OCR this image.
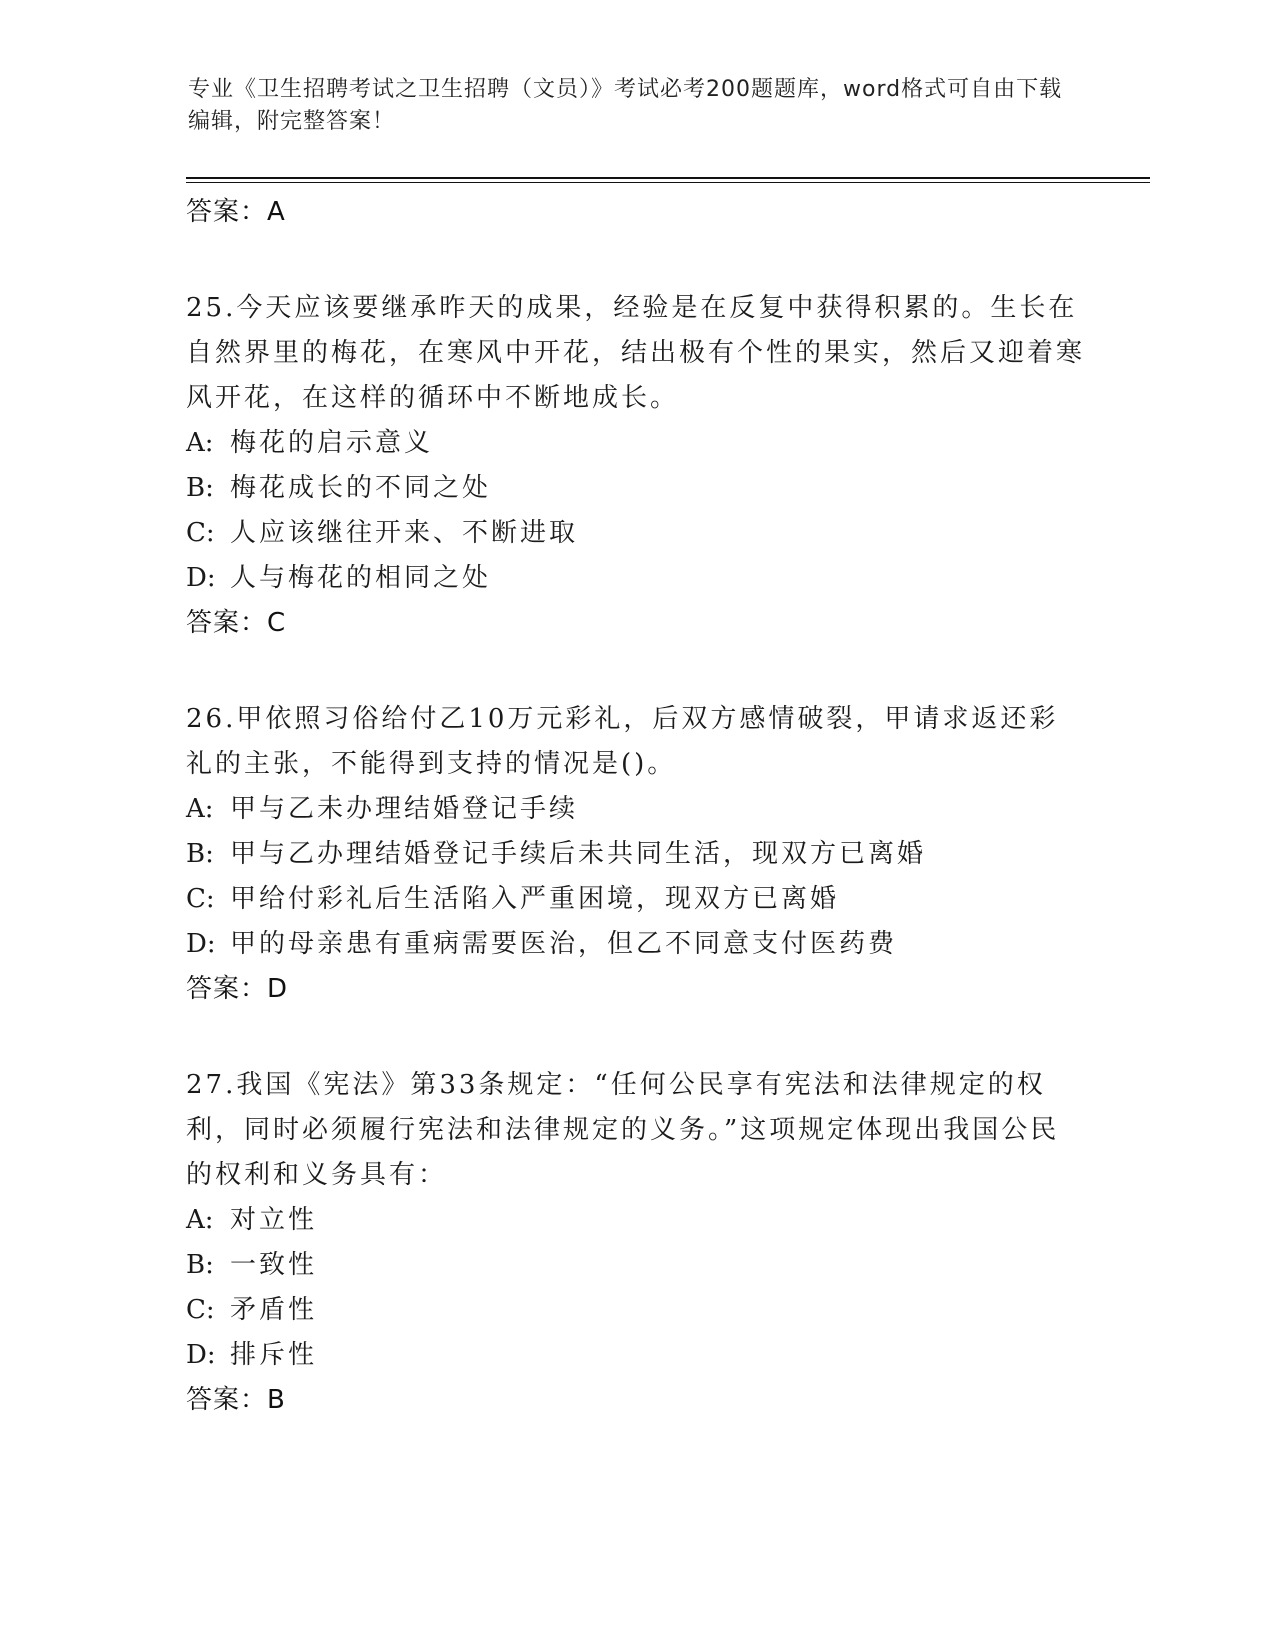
专业《卫生招聘考试之卫生招聘（文员）》考试必考200题题库，word格式可自由下载编辑，附完整答案！
答案：A
25.今天应该要继承昨天的成果，经验是在反复中获得积累的。生长在自然界里的梅花，在寒风中开花，结出极有个性的果实，然后又迎着寒风开花，在这样的循环中不断地成长。
A: 梅花的启示意义
B: 梅花成长的不同之处
C: 人应该继往开来、不断进取
D: 人与梅花的相同之处
答案：C
26.甲依照习俗给付乙10万元彩礼，后双方感情破裂，甲请求返还彩礼的主张，不能得到支持的情况是()。
A: 甲与乙未办理结婚登记手续
B: 甲与乙办理结婚登记手续后未共同生活，现双方已离婚
C: 甲给付彩礼后生活陷入严重困境，现双方已离婚
D: 甲的母亲患有重病需要医治，但乙不同意支付医药费
答案：D
27.我国《宪法》第33条规定：“任何公民享有宪法和法律规定的权利，同时必须履行宪法和法律规定的义务。”这项规定体现出我国公民的权利和义务具有：
A: 对立性
B: 一致性
C: 矛盾性
D: 排斥性
答案：B
